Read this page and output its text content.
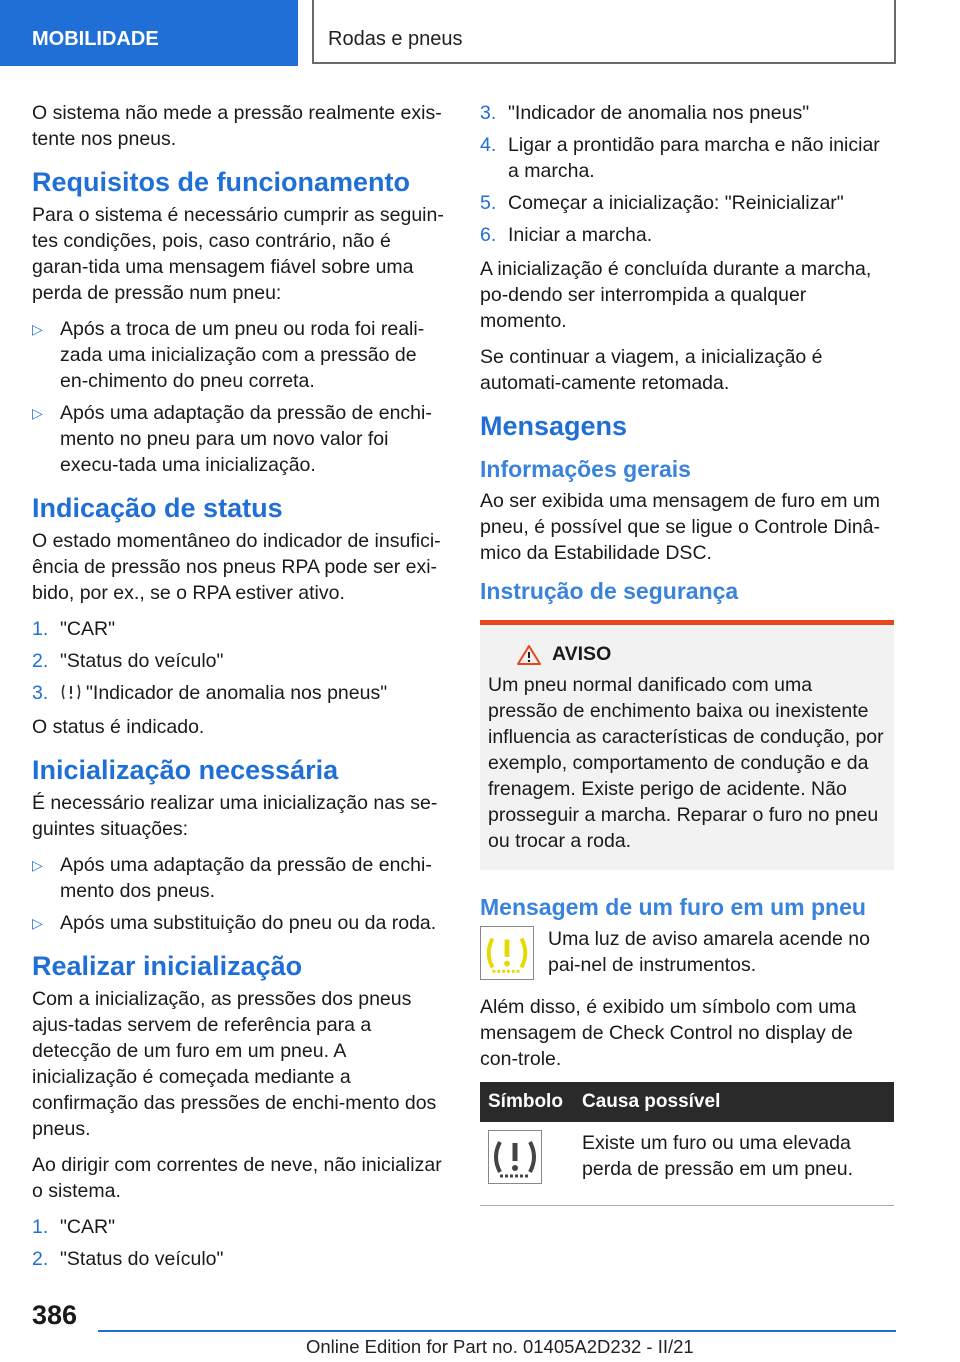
MOBILIDADE	Rodas e pneus

O sistema não mede a pressão realmente exis-tente nos pneus.

Requisitos de funcionamento

Para o sistema é necessário cumprir as seguin-tes condições, pois, caso contrário, não é garan-tida uma mensagem fiável sobre uma perda de pressão num pneu:

▷ Após a troca de um pneu ou roda foi reali-zada uma inicialização com a pressão de en-chimento do pneu correta.
▷ Após uma adaptação da pressão de enchi-mento no pneu para um novo valor foi execu-tada uma inicialização.
Indicação de status

O estado momentâneo do indicador de insufici-ência de pressão nos pneus RPA pode ser exi-bido, por ex., se o RPA estiver ativo.

1. "CAR"
2. "Status do veículo"
3. "Indicador de anomalia nos pneus"

O status é indicado.

Inicialização necessária

É necessário realizar uma inicialização nas se-guintes situações:

▷ Após uma adaptação da pressão de enchi-mento dos pneus.
▷ Após uma substituição do pneu ou da roda.
Realizar inicialização

Com a inicialização, as pressões dos pneus ajus-tadas servem de referência para a detecção de um furo em um pneu. A inicialização é começada mediante a confirmação das pressões de enchi-mento dos pneus.

Ao dirigir com correntes de neve, não inicializar o sistema.

1. "CAR"
2. "Status do veículo"
3. "Indicador de anomalia nos pneus"
4. Ligar a prontidão para marcha e não iniciar a marcha.
5. Começar a inicialização: "Reinicializar"
6. Iniciar a marcha.

A inicialização é concluída durante a marcha, po-dendo ser interrompida a qualquer momento.

Se continuar a viagem, a inicialização é automati-camente retomada.

Mensagens
Informações gerais

Ao ser exibida uma mensagem de furo em um pneu, é possível que se ligue o Controle Dinâ-mico da Estabilidade DSC.

Instrução de segurança
AVISO

Um pneu normal danificado com uma pressão de enchimento baixa ou inexistente influencia as características de condução, por exemplo, comportamento de condução e da frenagem. Existe perigo de acidente. Não prosseguir a marcha. Reparar o furo no pneu ou trocar a roda.

Mensagem de um furo em um pneu

Uma luz de aviso amarela acende no pai-nel de instrumentos.

Além disso, é exibido um símbolo com uma mensagem de Check Control no display de con-trole.

Símbolo	Causa possível
	Existe um furo ou uma elevada perda de pressão em um pneu.
386
Online Edition for Part no. 01405A2D232 - II/21
